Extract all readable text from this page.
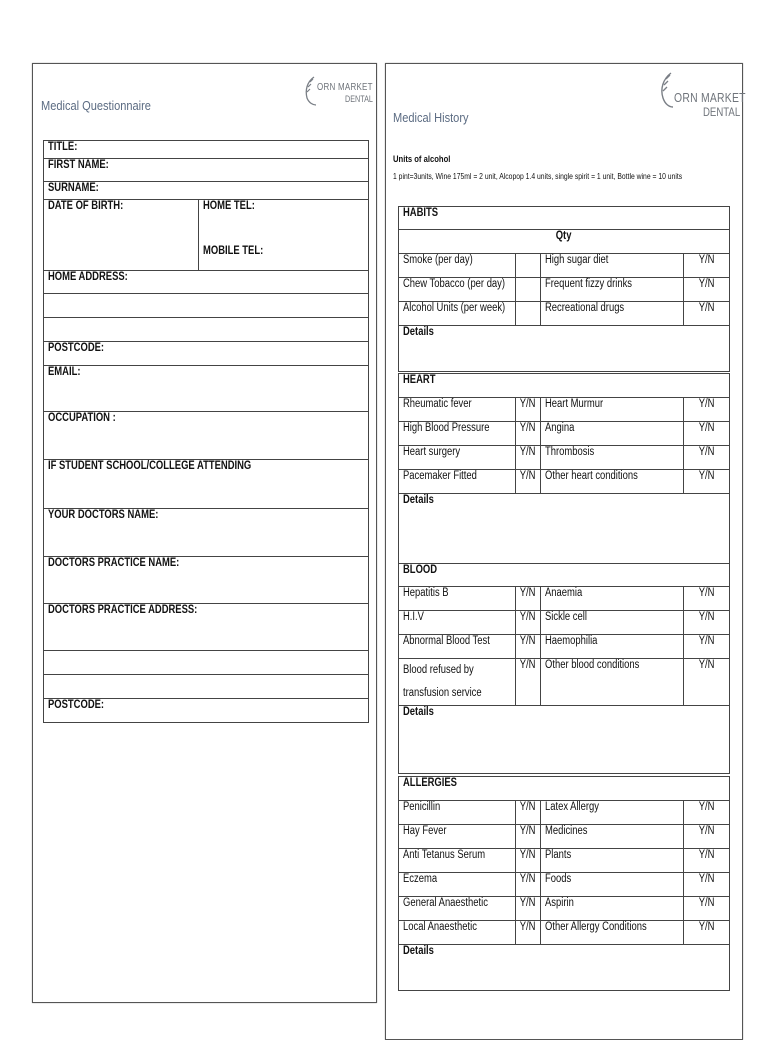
Medical Questionnaire
ORN MARKET
DENTAL
TITLE:
FIRST NAME:
SURNAME:
DATE OF BIRTH:	HOME TEL:
MOBILE TEL:

HOME ADDRESS:

POSTCODE:
EMAIL:
OCCUPATION :
IF STUDENT SCHOOL/COLLEGE ATTENDING
YOUR DOCTORS NAME:
DOCTORS PRACTICE NAME:
DOCTORS PRACTICE ADDRESS:

POSTCODE:
Medical History
ORN MARKET
DENTAL
Units of alcohol
1 pint=3units, Wine 175ml = 2 unit, Alcopop 1.4 units, single spirit = 1 unit, Bottle wine = 10 units
HABITS			
Qty			
Smoke (per day)		High sugar diet	Y/N
Chew Tobacco (per day)		Frequent fizzy drinks	Y/N
Alcohol Units (per week)		Recreational drugs	Y/N
Details			
HEART			
Rheumatic fever	Y/N	Heart Murmur	Y/N
High Blood Pressure	Y/N	Angina	Y/N
Heart surgery	Y/N	Thrombosis	Y/N
Pacemaker Fitted	Y/N	Other heart conditions	Y/N
Details			
BLOOD			
Hepatitis B	Y/N	Anaemia	Y/N
H.I.V	Y/N	Sickle cell	Y/N
Abnormal Blood Test	Y/N	Haemophilia	Y/N
Blood refused by
transfusion service	Y/N	Other blood conditions	Y/N
Details			
ALLERGIES			
Penicillin	Y/N	Latex Allergy	Y/N
Hay Fever	Y/N	Medicines	Y/N
Anti Tetanus Serum	Y/N	Plants	Y/N
Eczema	Y/N	Foods	Y/N
General Anaesthetic	Y/N	Aspirin	Y/N
Local Anaesthetic	Y/N	Other Allergy Conditions	Y/N
Details			
